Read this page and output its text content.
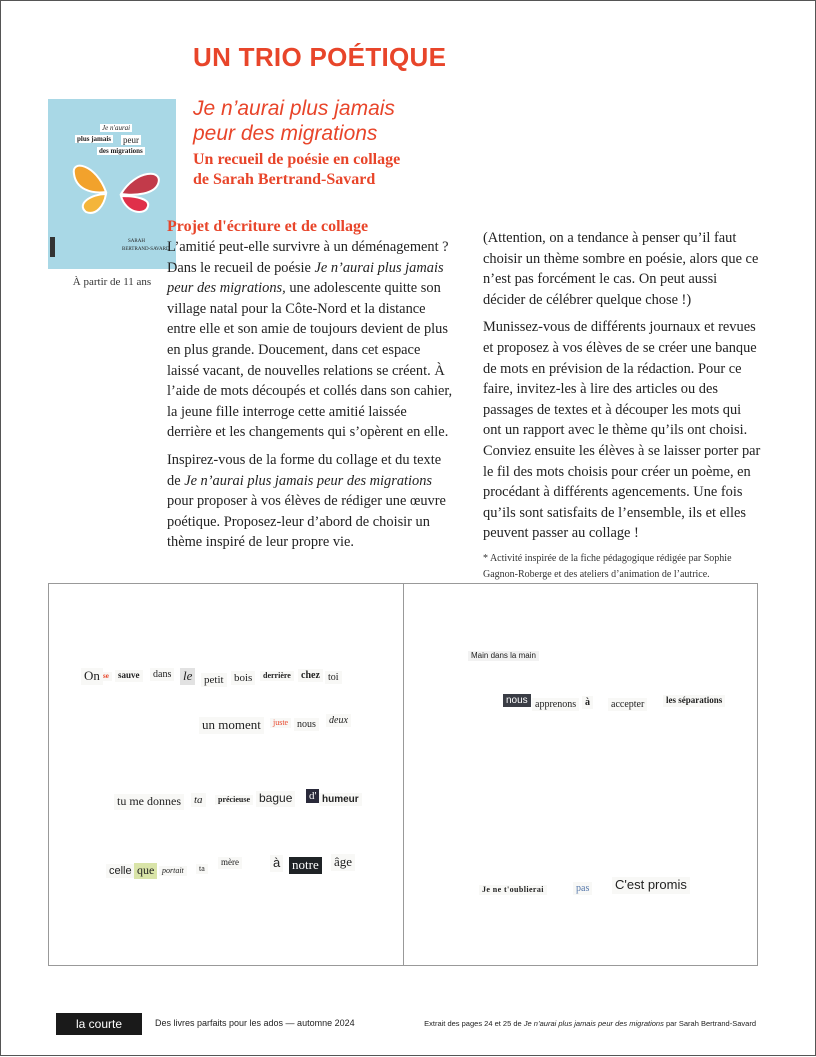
UN TRIO POÉTIQUE
Je n'aurai
plus jamais peur
des migrations
SARAH
BERTRAND-SAVARD
À partir de 11 ans
Je n’aurai plus jamais
peur des migrations
Un recueil de poésie en collage
de Sarah Bertrand-Savard
Projet d'écriture et de collage

L’amitié peut-elle survivre à un déménagement ? Dans le recueil de poésie Je n’aurai plus jamais peur des migrations, une adolescente quitte son village natal pour la Côte-Nord et la distance entre elle et son amie de toujours devient de plus en plus grande. Doucement, dans cet espace laissé vacant, de nouvelles relations se créent. À l’aide de mots découpés et collés dans son cahier, la jeune fille interroge cette amitié laissée derrière et les changements qui s’opèrent en elle.

Inspirez-vous de la forme du collage et du texte de Je n’aurai plus jamais peur des migrations pour proposer à vos élèves de rédiger une œuvre poétique. Proposez-leur d’abord de choisir un thème inspiré de leur propre vie.

(Attention, on a tendance à penser qu’il faut choisir un thème sombre en poésie, alors que ce n’est pas forcément le cas. On peut aussi décider de célébrer quelque chose !)

Munissez-vous de différents journaux et revues et proposez à vos élèves de se créer une banque de mots en prévision de la rédaction. Pour ce faire, invitez-les à lire des articles ou des passages de textes et à découper les mots qui ont un rapport avec le thème qu’ils ont choisi. Conviez ensuite les élèves à se laisser porter par le fil des mots choisis pour créer un poème, en procédant à différents agencements. Une fois qu’ils sont satisfaits de l’ensemble, ils et elles peuvent passer au collage !

* Activité inspirée de la fiche pédagogique rédigée par Sophie Gagnon-Roberge et des ateliers d’animation de l’autrice.
On se	sauve	dans le petit bois	derrière	chez toi
un moment	juste nous	deux
tu me donnes ta	précieuse bague d' humeur
celle que portait	ta
mère	à notre âge
Main dans la main
nous apprenons à	accepter	les séparations
Je ne t'oublierai	pas C'est promis
la courte échelle
Des livres parfaits pour les ados — automne 2024	Extrait des pages 24 et 25 de Je n’aurai plus jamais peur des migrations par Sarah Bertrand-Savard
